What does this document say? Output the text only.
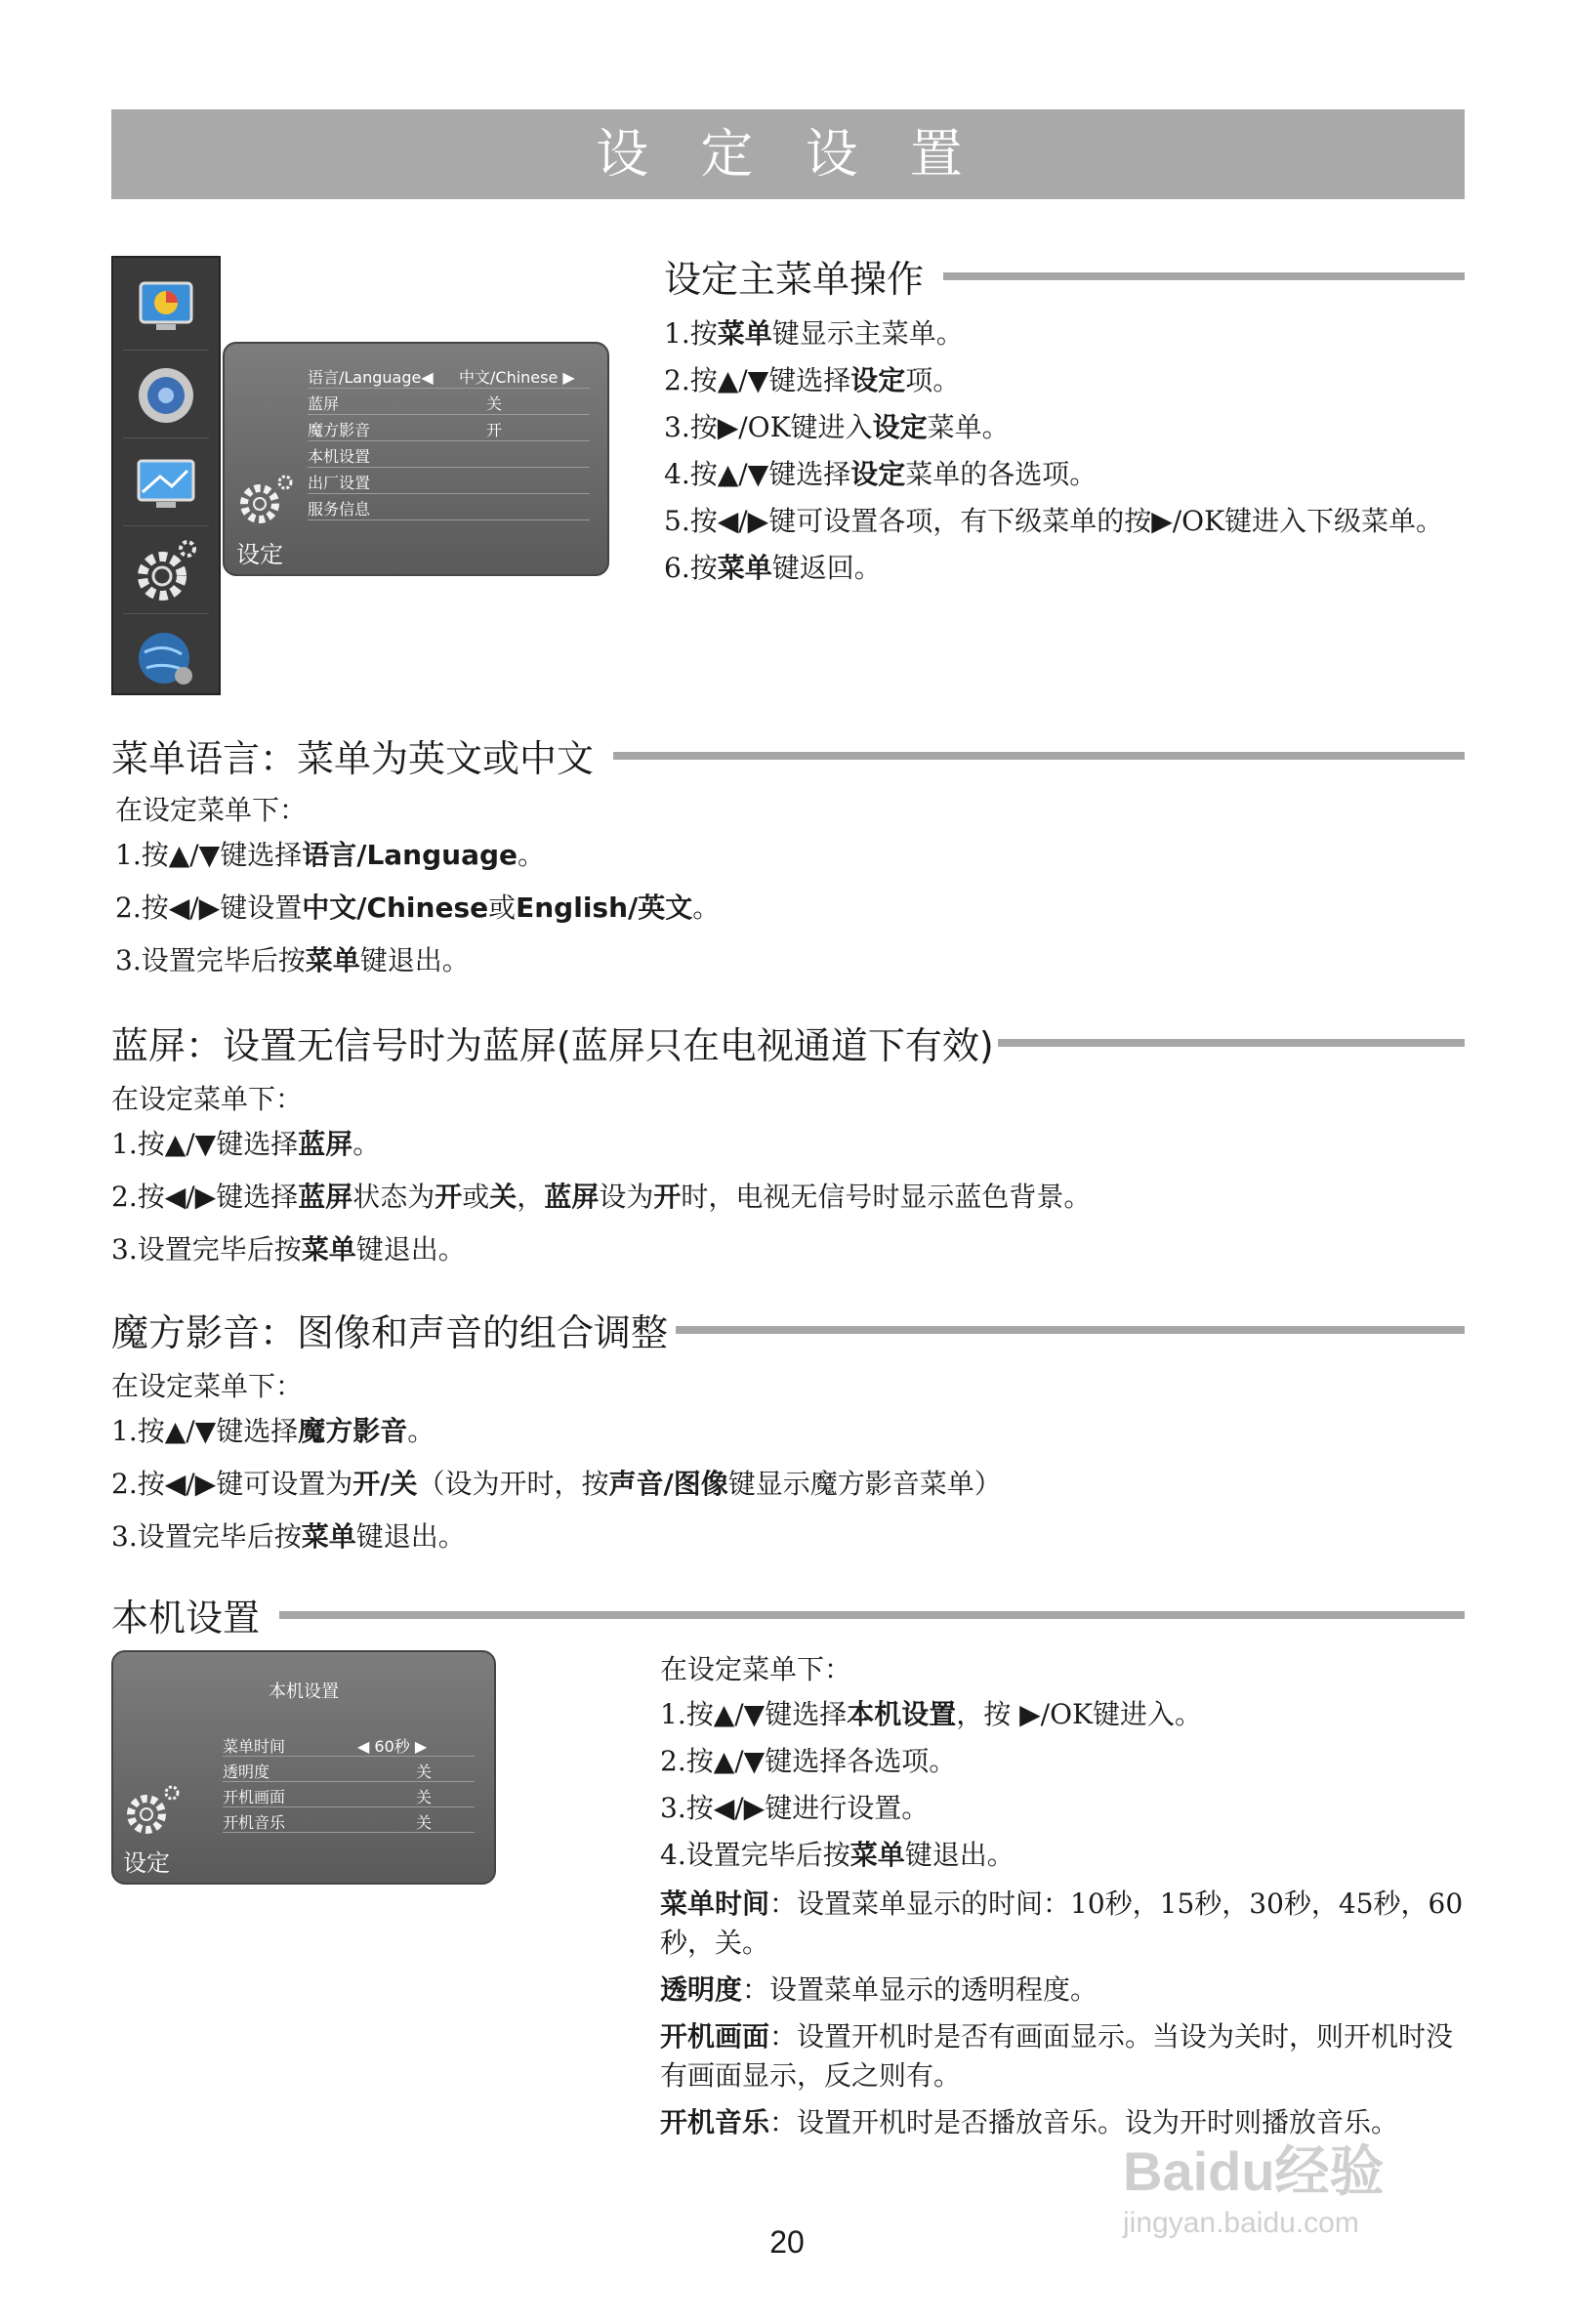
设 定 设 置
语言/Language◀ 中文/Chinese ▶
蓝屏	关
魔方影音	开
本机设置
出厂设置
服务信息
设定
设定主菜单操作
1.按菜单键显示主菜单。
2.按▲/▼键选择设定项。
3.按▶/OK键进入设定菜单。
4.按▲/▼键选择设定菜单的各选项。
5.按◀/▶键可设置各项，有下级菜单的按▶/OK键进入下级菜单。
6.按菜单键返回。
菜单语言：菜单为英文或中文
在设定菜单下：
1.按▲/▼键选择语言/Language。
2.按◀/▶键设置中文/Chinese或English/英文。
3.设置完毕后按菜单键退出。
蓝屏：设置无信号时为蓝屏(蓝屏只在电视通道下有效)
在设定菜单下：
1.按▲/▼键选择蓝屏。
2.按◀/▶键选择蓝屏状态为开或关，蓝屏设为开时，电视无信号时显示蓝色背景。
3.设置完毕后按菜单键退出。
魔方影音：图像和声音的组合调整
在设定菜单下：
1.按▲/▼键选择魔方影音。
2.按◀/▶键可设置为开/关（设为开时，按声音/图像键显示魔方影音菜单）
3.设置完毕后按菜单键退出。
本机设置
本机设置
菜单时间	◀ 60秒 ▶
透明度	关
开机画面	关
开机音乐	关
设定
在设定菜单下：
1.按▲/▼键选择本机设置，按 ▶/OK键进入。
2.按▲/▼键选择各选项。
3.按◀/▶键进行设置。
4.设置完毕后按菜单键退出。
菜单时间：设置菜单显示的时间：10秒，15秒，30秒，45秒，60秒，关。
透明度：设置菜单显示的透明程度。
开机画面：设置开机时是否有画面显示。当设为关时，则开机时没有画面显示，反之则有。
开机音乐：设置开机时是否播放音乐。设为开时则播放音乐。
20
Baidu经验
jingyan.baidu.com
